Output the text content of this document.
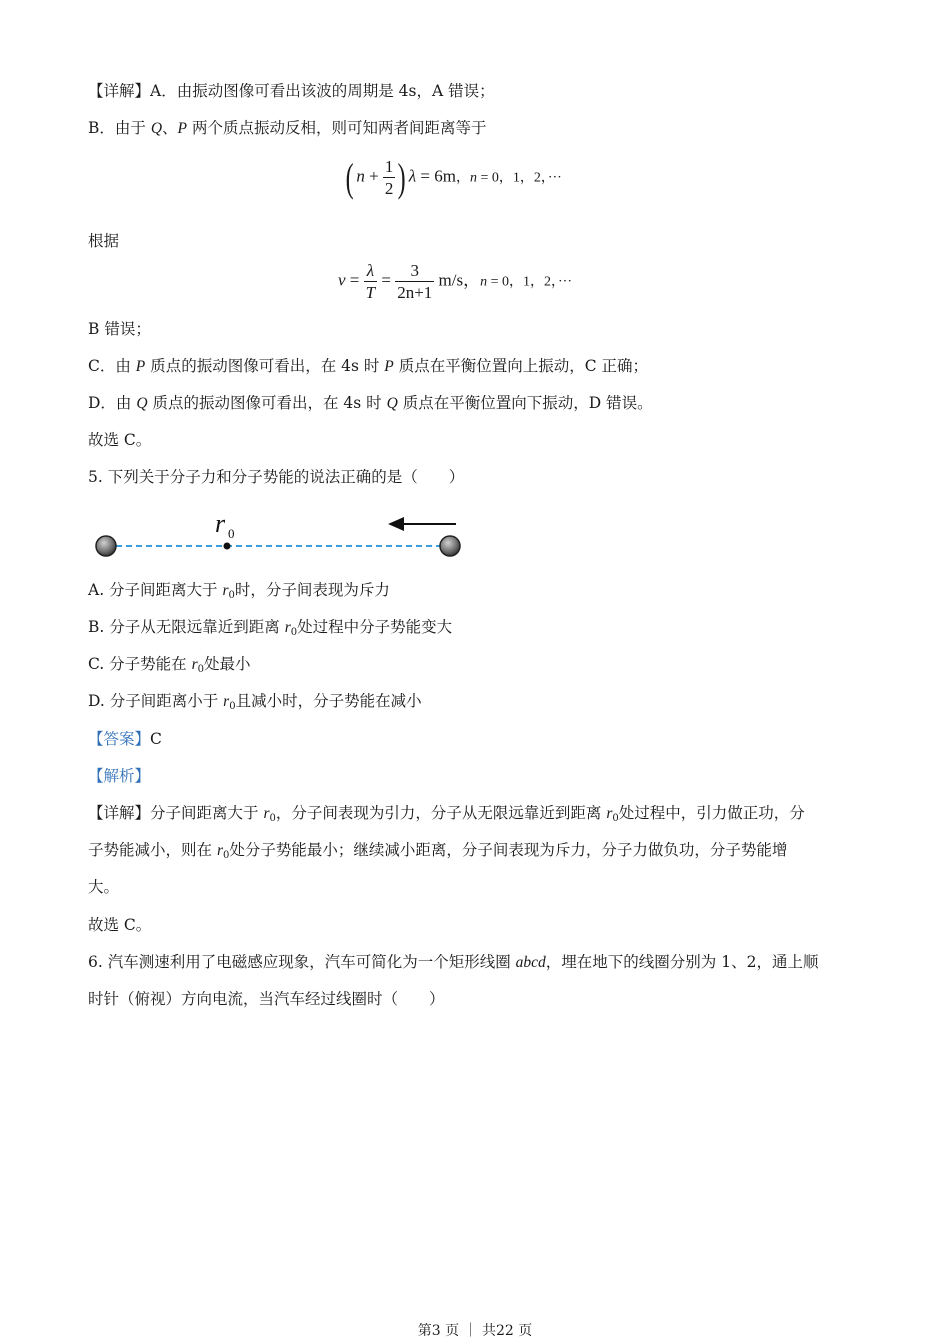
【详解】A．由振动图像可看出该波的周期是 4s，A 错误；
B．由于 Q、P 两个质点振动反相，则可知两者间距离等于
( $n + \frac{1}{2}$ ) λ = 6m，n = 0，1，2，···
根据
$v = \frac{\lambda}{T} = \frac{3}{2n+1} m/s$，n = 0，1，2，···
B 错误；
C．由 P 质点的振动图像可看出，在 4s 时 P 质点在平衡位置向上振动，C 正确；
D．由 Q 质点的振动图像可看出，在 4s 时 Q 质点在平衡位置向下振动，D 错误。
故选 C。
5. 下列关于分子力和分子势能的说法正确的是（　　）
r 0
A. 分子间距离大于 $r_0$时，分子间表现为斥力
B. 分子从无限远靠近到距离 $r_0$处过程中分子势能变大
C. 分子势能在 $r_0$处最小
D. 分子间距离小于 $r_0$且减小时，分子势能在减小
【答案】C
【解析】
【详解】分子间距离大于 $r_0$，分子间表现为引力，分子从无限远靠近到距离 $r_0$处过程中，引力做正功，分
子势能减小，则在 $r_0$处分子势能最小；继续减小距离，分子间表现为斥力，分子力做负功，分子势能增
大。
故选 C。
6. 汽车测速利用了电磁感应现象，汽车可简化为一个矩形线圈 abcd，埋在地下的线圈分别为 1、2，通上顺
时针（俯视）方向电流，当汽车经过线圈时（　　）
第3 页 ｜ 共22 页
